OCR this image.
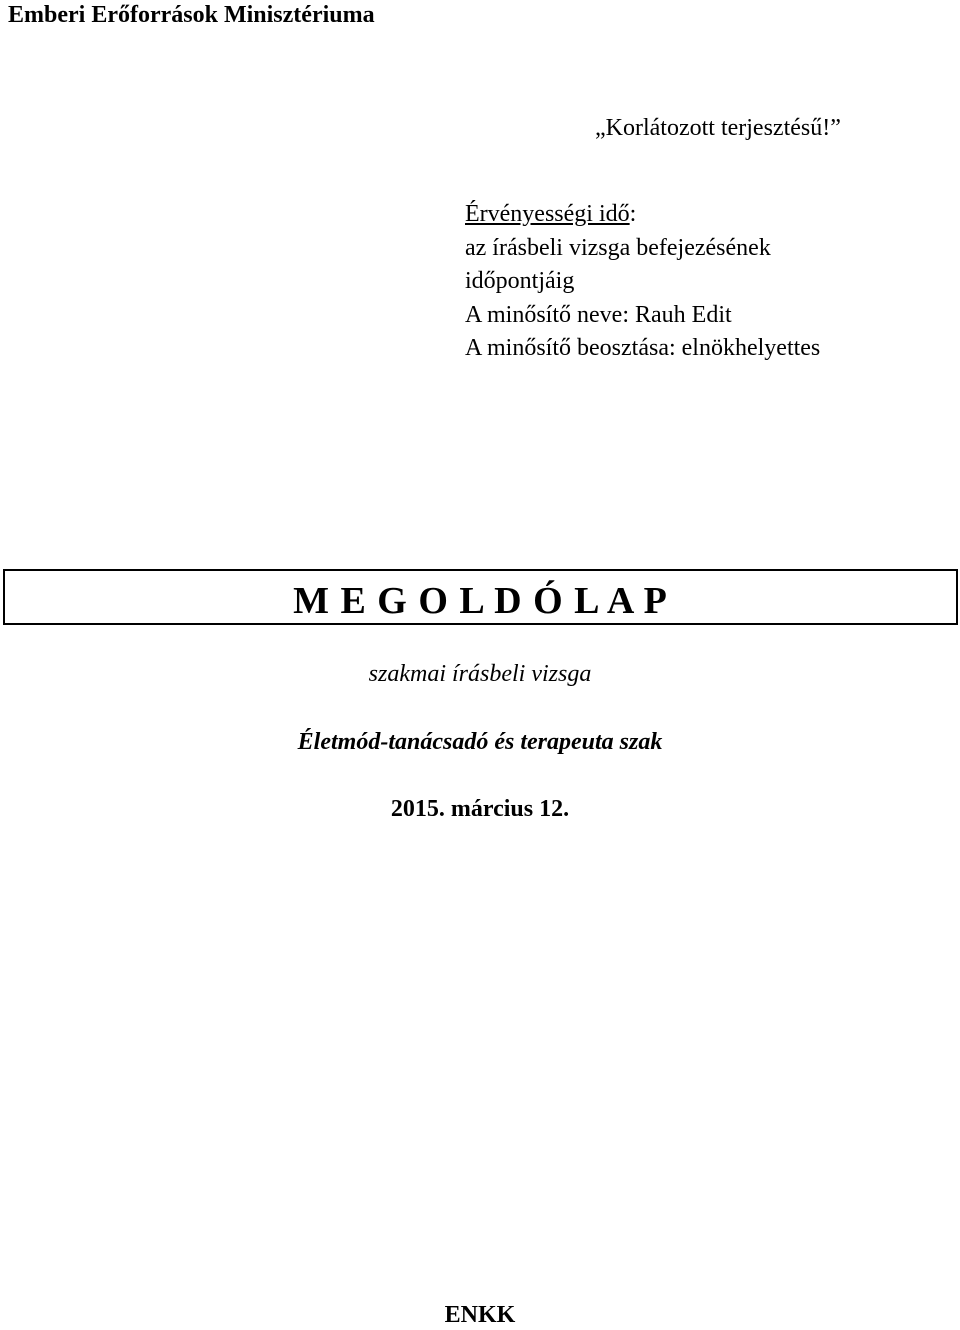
Emberi Erőforrások Minisztériuma
„Korlátozott terjesztésű!”
Érvényességi idő:
az írásbeli vizsga befejezésének
időpontjáig
A minősítő neve: Rauh Edit
A minősítő beosztása: elnökhelyettes
M E G O L D Ó L A P
szakmai írásbeli vizsga
Életmód-tanácsadó és terapeuta szak
2015. március 12.
ENKK
